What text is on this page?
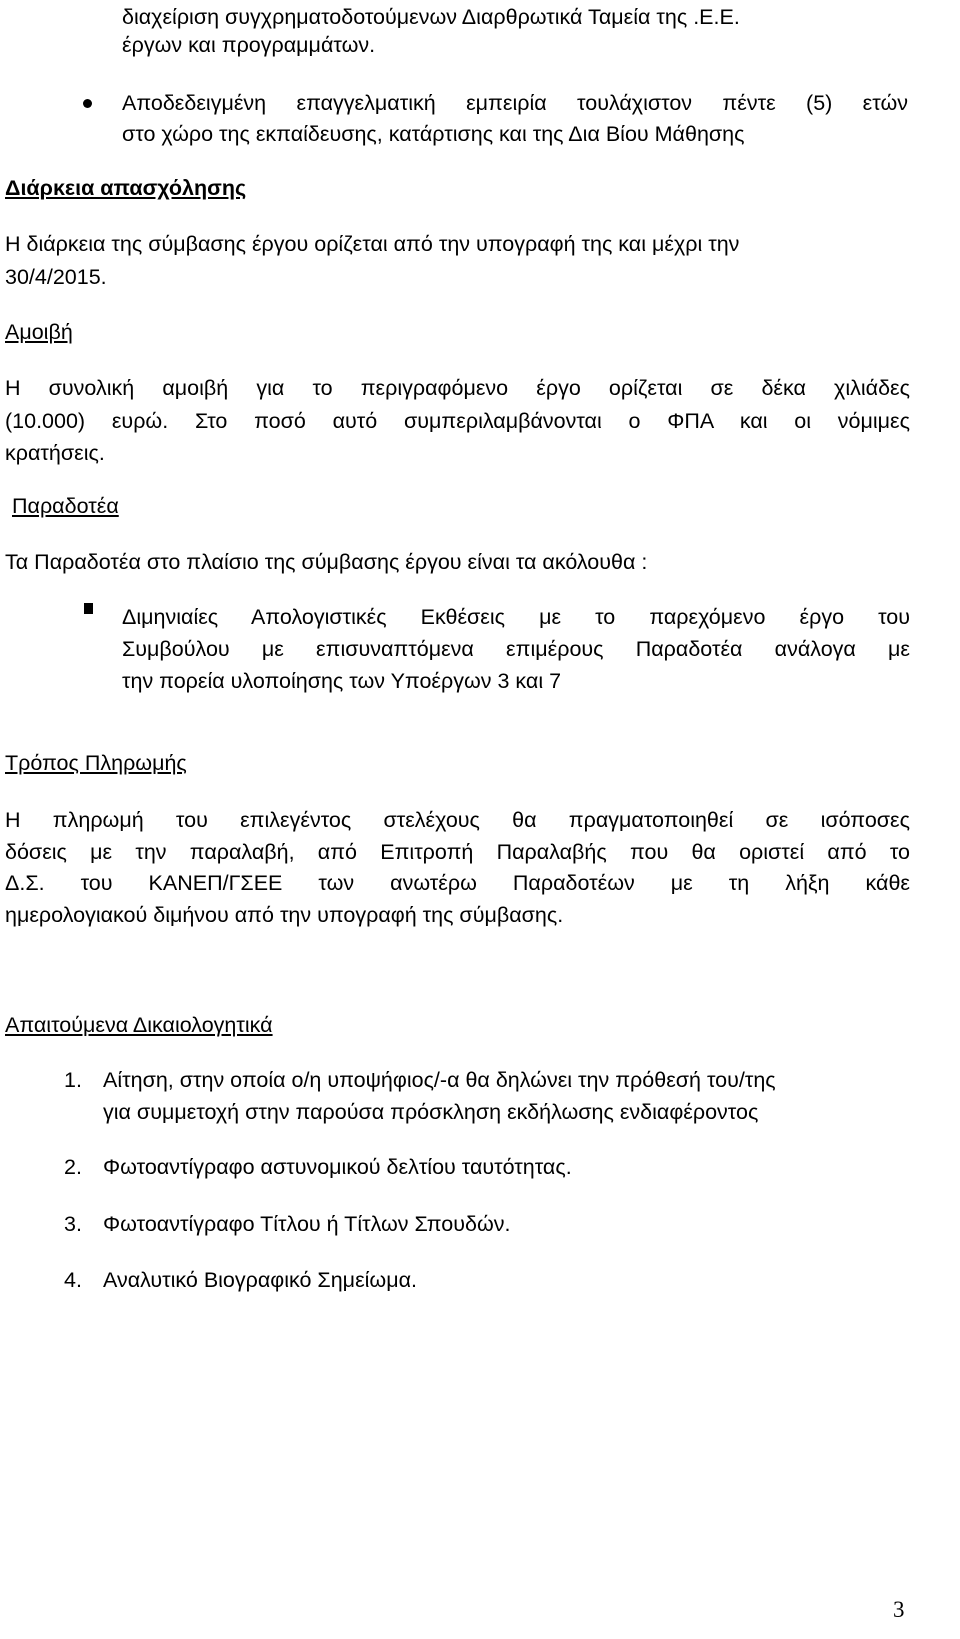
διαχείριση συγχρηματοδοτούμενων Διαρθρωτικά Ταμεία της .Ε.Ε.
έργων και προγραμμάτων.
Αποδεδειγμένη επαγγελματική εμπειρία τουλάχιστον πέντε (5) ετών
στο χώρο της εκπαίδευσης, κατάρτισης και της Δια Βίου Μάθησης
Διάρκεια απασχόλησης
Η διάρκεια της σύμβασης έργου ορίζεται από την υπογραφή της και μέχρι την
30/4/2015.
Αμοιβή
Η συνολική αμοιβή για το περιγραφόμενο έργο ορίζεται σε δέκα χιλιάδες
(10.000) ευρώ. Στο ποσό αυτό συμπεριλαμβάνονται ο ΦΠΑ και οι νόμιμες
κρατήσεις.
Παραδοτέα
Τα Παραδοτέα στο πλαίσιο της σύμβασης έργου είναι τα ακόλουθα :
Διμηνιαίες Απολογιστικές Εκθέσεις με το παρεχόμενο έργο του
Συμβούλου με επισυναπτόμενα επιμέρους Παραδοτέα ανάλογα με
την πορεία υλοποίησης των Υποέργων 3 και 7
Τρόπος Πληρωμής
Η πληρωμή του επιλεγέντος στελέχους θα πραγματοποιηθεί σε ισόποσες
δόσεις με την παραλαβή, από Επιτροπή Παραλαβής που θα οριστεί από το
Δ.Σ. του ΚΑΝΕΠ/ΓΣΕΕ των ανωτέρω Παραδοτέων με τη λήξη κάθε
ημερολογιακού διμήνου από την υπογραφή της σύμβασης.
Απαιτούμενα Δικαιολογητικά
1. Αίτηση, στην οποία ο/η υποψήφιος/-α θα δηλώνει την πρόθεσή του/της
για συμμετοχή στην παρούσα πρόσκληση εκδήλωσης ενδιαφέροντος
2. Φωτοαντίγραφο αστυνομικού δελτίου ταυτότητας.
3. Φωτοαντίγραφο Τίτλου ή Τίτλων Σπουδών.
4. Αναλυτικό Βιογραφικό Σημείωμα.
3
